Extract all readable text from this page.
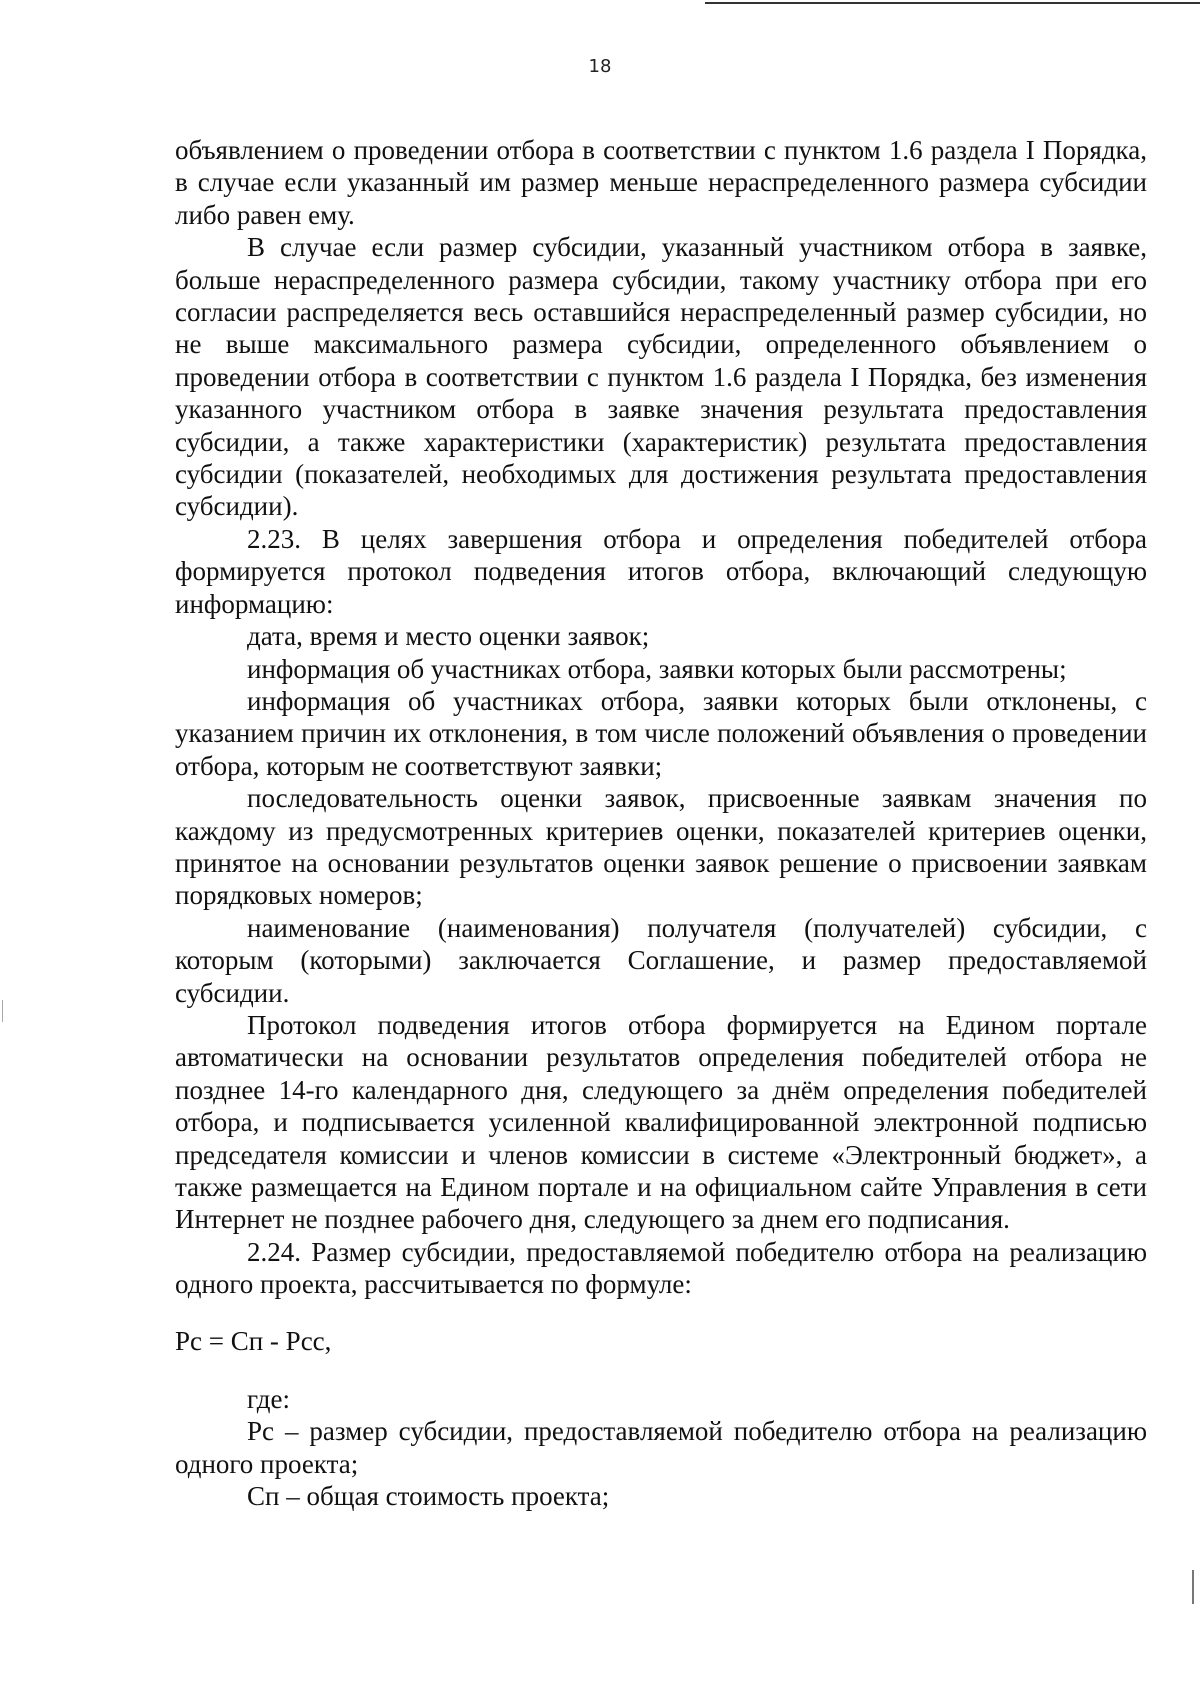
18

объявлением о проведении отбора в соответствии с пунктом 1.6 раздела I Порядка, в случае если указанный им размер меньше нераспределенного размера субсидии либо равен ему.

В случае если размер субсидии, указанный участником отбора в заявке, больше нераспределенного размера субсидии, такому участнику отбора при его согласии распределяется весь оставшийся нераспределенный размер субсидии, но не выше максимального размера субсидии, определенного объявлением о проведении отбора в соответствии с пунктом 1.6 раздела I Порядка, без изменения указанного участником отбора в заявке значения результата предоставления субсидии, а также характеристики (характеристик) результата предоставления субсидии (показателей, необходимых для достижения результата предоставления субсидии).

2.23. В целях завершения отбора и определения победителей отбора формируется протокол подведения итогов отбора, включающий следующую информацию:

дата, время и место оценки заявок;

информация об участниках отбора, заявки которых были рассмотрены;

информация об участниках отбора, заявки которых были отклонены, с указанием причин их отклонения, в том числе положений объявления о проведении отбора, которым не соответствуют заявки;

последовательность оценки заявок, присвоенные заявкам значения по каждому из предусмотренных критериев оценки, показателей критериев оценки, принятое на основании результатов оценки заявок решение о присвоении заявкам порядковых номеров;

наименование (наименования) получателя (получателей) субсидии, с которым (которыми) заключается Соглашение, и размер предоставляемой субсидии.

Протокол подведения итогов отбора формируется на Едином портале автоматически на основании результатов определения победителей отбора не позднее 14-го календарного дня, следующего за днём определения победителей отбора, и подписывается усиленной квалифицированной электронной подписью председателя комиссии и членов комиссии в системе «Электронный бюджет», а также размещается на Едином портале и на официальном сайте Управления в сети Интернет не позднее рабочего дня, следующего за днем его подписания.

2.24. Размер субсидии, предоставляемой победителю отбора на реализацию одного проекта, рассчитывается по формуле:

Рс = Сп - Рсс,

где:

Рс – размер субсидии, предоставляемой победителю отбора на реализацию одного проекта;

Сп – общая стоимость проекта;
